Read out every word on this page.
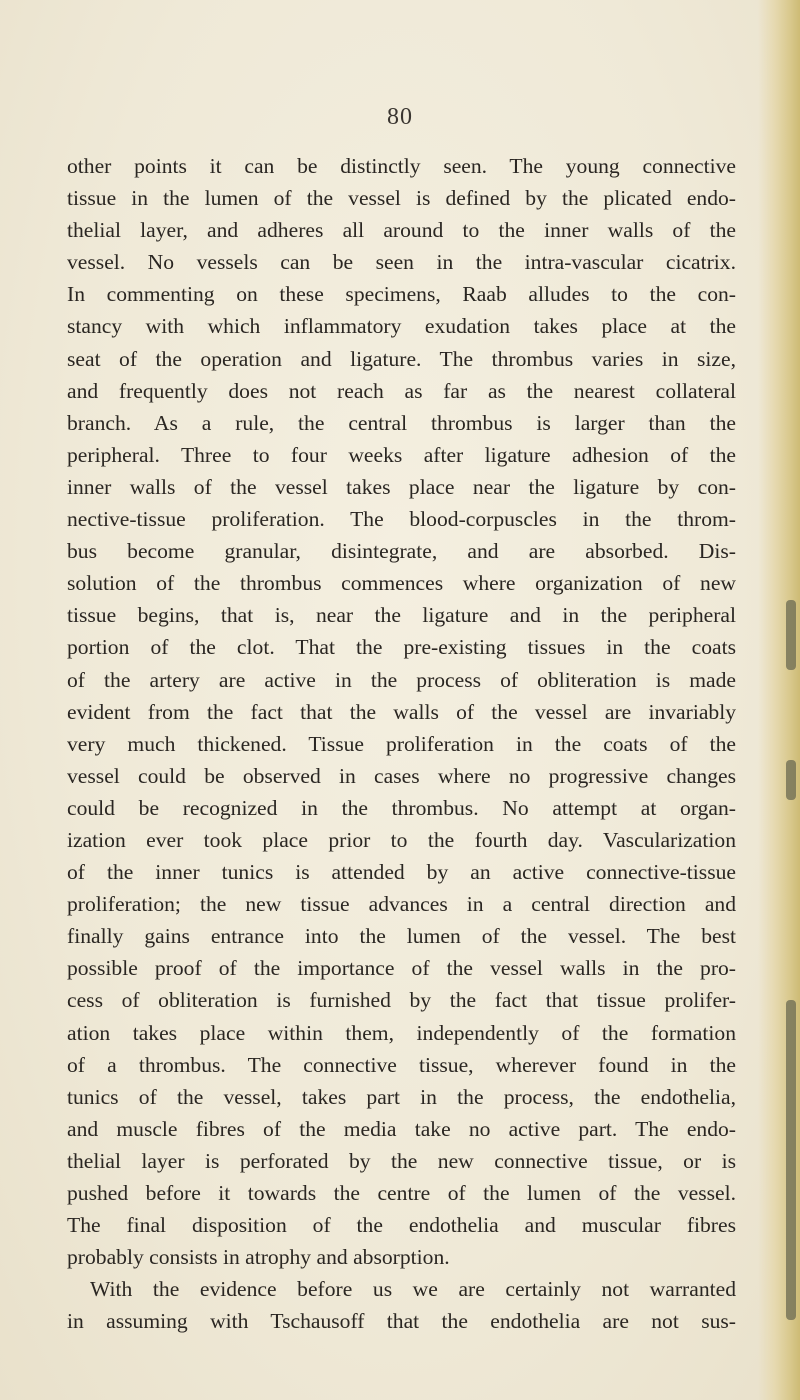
80
other points it can be distinctly seen. The young connective
tissue in the lumen of the vessel is defined by the plicated endo-
thelial layer, and adheres all around to the inner walls of the
vessel. No vessels can be seen in the intra-vascular cicatrix.
In commenting on these specimens, Raab alludes to the con-
stancy with which inflammatory exudation takes place at the
seat of the operation and ligature. The thrombus varies in size,
and frequently does not reach as far as the nearest collateral
branch. As a rule, the central thrombus is larger than the
peripheral. Three to four weeks after ligature adhesion of the
inner walls of the vessel takes place near the ligature by con-
nective-tissue proliferation. The blood-corpuscles in the throm-
bus become granular, disintegrate, and are absorbed. Dis-
solution of the thrombus commences where organization of new
tissue begins, that is, near the ligature and in the peripheral
portion of the clot. That the pre-existing tissues in the coats
of the artery are active in the process of obliteration is made
evident from the fact that the walls of the vessel are invariably
very much thickened. Tissue proliferation in the coats of the
vessel could be observed in cases where no progressive changes
could be recognized in the thrombus. No attempt at organ-
ization ever took place prior to the fourth day. Vascularization
of the inner tunics is attended by an active connective-tissue
proliferation; the new tissue advances in a central direction and
finally gains entrance into the lumen of the vessel. The best
possible proof of the importance of the vessel walls in the pro-
cess of obliteration is furnished by the fact that tissue prolifer-
ation takes place within them, independently of the formation
of a thrombus. The connective tissue, wherever found in the
tunics of the vessel, takes part in the process, the endothelia,
and muscle fibres of the media take no active part. The endo-
thelial layer is perforated by the new connective tissue, or is
pushed before it towards the centre of the lumen of the vessel.
The final disposition of the endothelia and muscular fibres
probably consists in atrophy and absorption.
With the evidence before us we are certainly not warranted
in assuming with Tschausoff that the endothelia are not sus-
